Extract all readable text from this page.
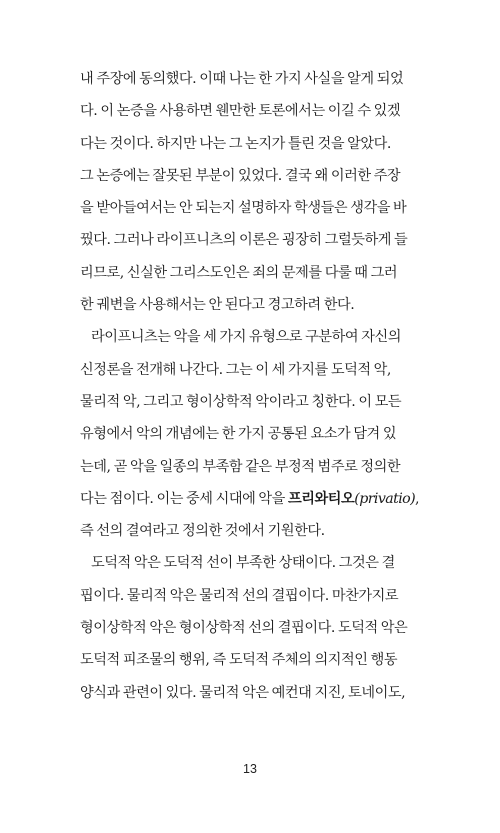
내 주장에 동의했다. 이때 나는 한 가지 사실을 알게 되었
다. 이 논증을 사용하면 웬만한 토론에서는 이길 수 있겠
다는 것이다. 하지만 나는 그 논지가 틀린 것을 알았다.
그 논증에는 잘못된 부분이 있었다. 결국 왜 이러한 주장
을 받아들여서는 안 되는지 설명하자 학생들은 생각을 바
꿨다. 그러나 라이프니츠의 이론은 굉장히 그럴듯하게 들
리므로, 신실한 그리스도인은 죄의 문제를 다룰 때 그러
한 궤변을 사용해서는 안 된다고 경고하려 한다.
라이프니츠는 악을 세 가지 유형으로 구분하여 자신의
신정론을 전개해 나간다. 그는 이 세 가지를 도덕적 악,
물리적 악, 그리고 형이상학적 악이라고 칭한다. 이 모든
유형에서 악의 개념에는 한 가지 공통된 요소가 담겨 있
는데, 곧 악을 일종의 부족함 같은 부정적 범주로 정의한
다는 점이다. 이는 중세 시대에 악을 프리와티오(privatio),
즉 선의 결여라고 정의한 것에서 기원한다.
도덕적 악은 도덕적 선이 부족한 상태이다. 그것은 결
핍이다. 물리적 악은 물리적 선의 결핍이다. 마찬가지로
형이상학적 악은 형이상학적 선의 결핍이다. 도덕적 악은
도덕적 피조물의 행위, 즉 도덕적 주체의 의지적인 행동
양식과 관련이 있다. 물리적 악은 예컨대 지진, 토네이도,
13
